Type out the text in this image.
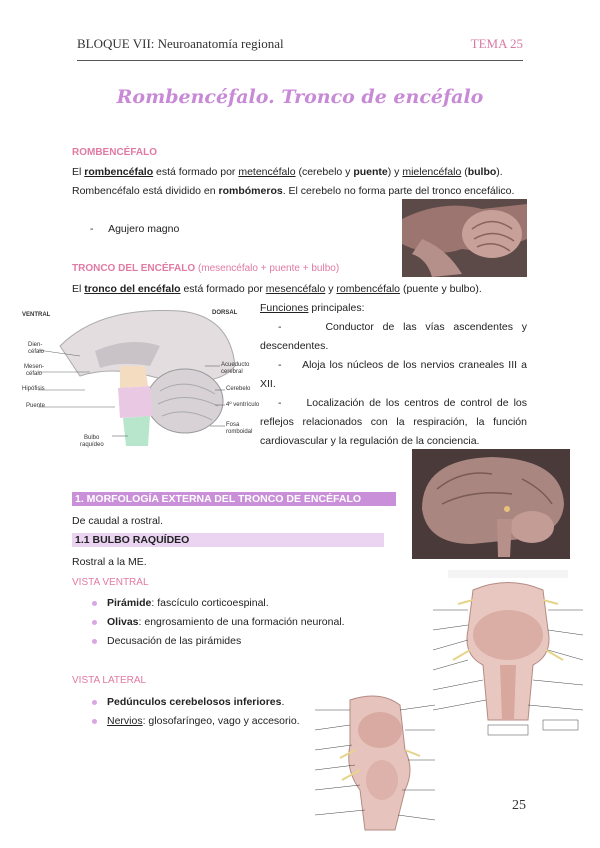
BLOQUE VII: Neuroanatomía regional	TEMA 25
Rombencéfalo. Tronco de encéfalo
ROMBENCÉFALO
El rombencéfalo está formado por metencéfalo (cerebelo y puente) y mielencéfalo (bulbo).
Rombencéfalo está dividido en rombómeros. El cerebelo no forma parte del tronco encefálico.
-     Agujero magno
TRONCO DEL ENCÉFALO (mesencéfalo + puente + bulbo)
El tronco del encéfalo está formado por mesencéfalo y rombencéfalo (puente y bulbo).
VENTRAL	DORSAL
Dien-
céfalo
Mesen-
céfalo
Hipófisis
Puente
Bulbo
raquídeo
Acueducto
cerebral
Cerebelo
4º ventrículo
Fosa
romboidal
Funciones principales:
-     Conductor de las vías ascendentes y descendentes.
-     Aloja los núcleos de los nervios craneales III a XII.
-     Localización de los centros de control de los reflejos relacionados con la respiración, la función cardiovascular y la regulación de la conciencia.
1. MORFOLOGÍA EXTERNA DEL TRONCO DE ENCÉFALO
De caudal a rostral.
1.1 BULBO RAQUÍDEO
Rostral a la ME.
VISTA VENTRAL
Pirámide: fascículo corticoespinal.
Olivas: engrosamiento de una formación neuronal.
Decusación de las pirámides
VISTA LATERAL
Pedúnculos cerebelosos inferiores.
Nervios: glosofaríngeo, vago y accesorio.
25
